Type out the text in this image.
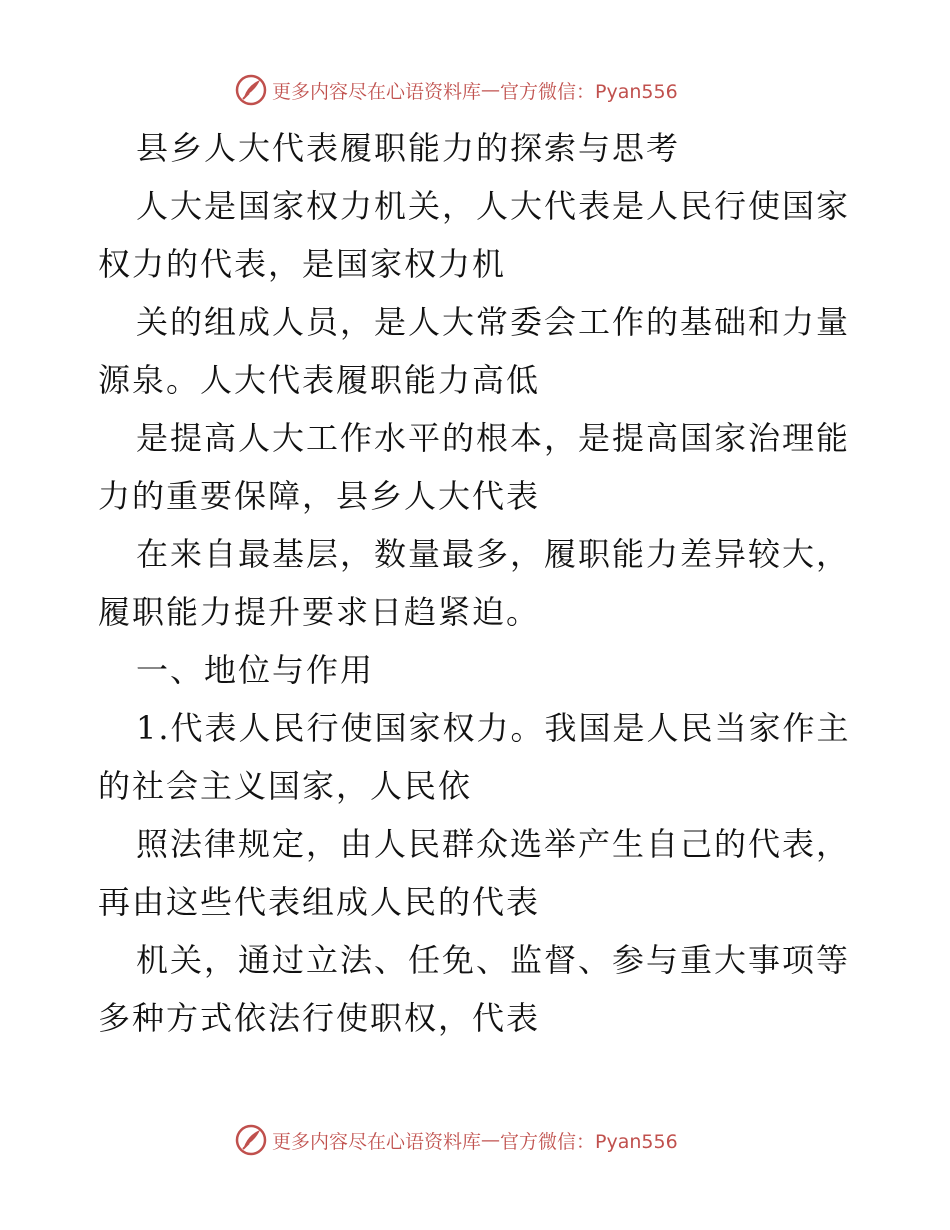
更多内容尽在心语资料库 — 官方微信：Pyan556
县乡人大代表履职能力的探索与思考
人大是国家权力机关，人大代表是人民行使国家
权力的代表，是国家权力机
关的组成人员，是人大常委会工作的基础和力量
源泉。人大代表履职能力高低
是提高人大工作水平的根本，是提高国家治理能
力的重要保障，县乡人大代表
在来自最基层，数量最多，履职能力差异较大，
履职能力提升要求日趋紧迫。
一、地位与作用
1.代表人民行使国家权力。我国是人民当家作主
的社会主义国家，人民依
照法律规定，由人民群众选举产生自己的代表，
再由这些代表组成人民的代表
机关，通过立法、任免、监督、参与重大事项等
多种方式依法行使职权，代表
更多内容尽在心语资料库 — 官方微信：Pyan556
